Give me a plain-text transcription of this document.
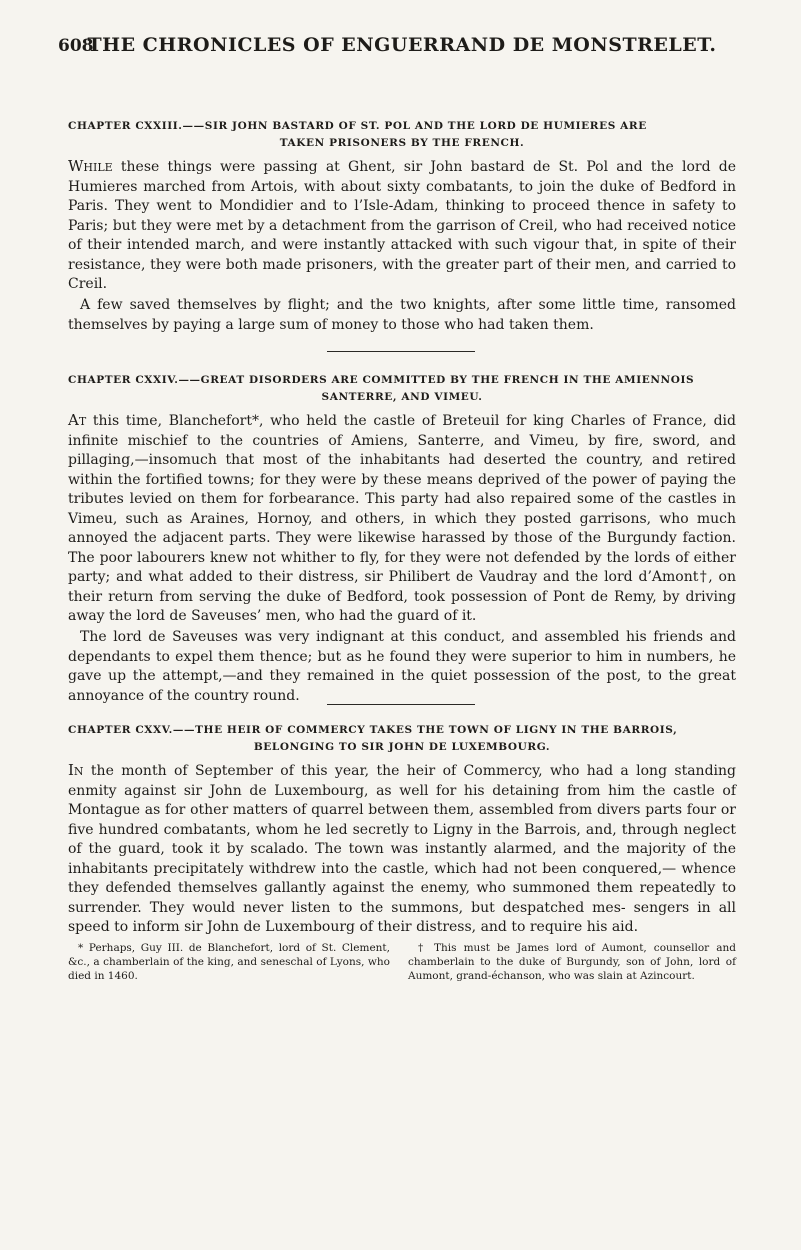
608
THE CHRONICLES OF ENGUERRAND DE MONSTRELET.
CHAPTER CXXIII.——SIR JOHN BASTARD OF ST. POL AND THE LORD DE HUMIERES ARE
TAKEN PRISONERS BY THE FRENCH.

While these things were passing at Ghent, sir John bastard de St. Pol and the lord de Humieres marched from Artois, with about sixty combatants, to join the duke of Bedford in Paris. They went to Mondidier and to l’Isle-Adam, thinking to proceed thence in safety to Paris; but they were met by a detachment from the garrison of Creil, who had received notice of their intended march, and were instantly attacked with such vigour that, in spite of their resistance, they were both made prisoners, with the greater part of their men, and carried to Creil.

A few saved themselves by flight; and the two knights, after some little time, ransomed themselves by paying a large sum of money to those who had taken them.

CHAPTER CXXIV.——GREAT DISORDERS ARE COMMITTED BY THE FRENCH IN THE AMIENNOIS
SANTERRE, AND VIMEU.

At this time, Blanchefort*, who held the castle of Breteuil for king Charles of France, did infinite mischief to the countries of Amiens, Santerre, and Vimeu, by fire, sword, and pillaging,—insomuch that most of the inhabitants had deserted the country, and retired within the fortified towns; for they were by these means deprived of the power of paying the tributes levied on them for forbearance. This party had also repaired some of the castles in Vimeu, such as Araines, Hornoy, and others, in which they posted garrisons, who much annoyed the adjacent parts. They were likewise harassed by those of the Burgundy faction. The poor labourers knew not whither to fly, for they were not defended by the lords of either party; and what added to their distress, sir Philibert de Vaudray and the lord d’Amont†, on their return from serving the duke of Bedford, took possession of Pont de Remy, by driving away the lord de Saveuses’ men, who had the guard of it.

The lord de Saveuses was very indignant at this conduct, and assembled his friends and dependants to expel them thence; but as he found they were superior to him in numbers, he gave up the attempt,—and they remained in the quiet possession of the post, to the great annoyance of the country round.

CHAPTER CXXV.——THE HEIR OF COMMERCY TAKES THE TOWN OF LIGNY IN THE BARROIS,
BELONGING TO SIR JOHN DE LUXEMBOURG.

In the month of September of this year, the heir of Commercy, who had a long standing enmity against sir John de Luxembourg, as well for his detaining from him the castle of Montague as for other matters of quarrel between them, assembled from divers parts four or five hundred combatants, whom he led secretly to Ligny in the Barrois, and, through neglect of the guard, took it by scalado. The town was instantly alarmed, and the majority of the inhabitants precipitately withdrew into the castle, which had not been conquered,— whence they defended themselves gallantly against the enemy, who summoned them repeatedly to surrender. They would never listen to the summons, but despatched mes- sengers in all speed to inform sir John de Luxembourg of their distress, and to require his aid.

* Perhaps, Guy III. de Blanchefort, lord of St. Clement, &c., a chamberlain of the king, and seneschal of Lyons, who died in 1460.
† This must be James lord of Aumont, counsellor and chamberlain to the duke of Burgundy, son of John, lord of Aumont, grand-échanson, who was slain at Azincourt.
